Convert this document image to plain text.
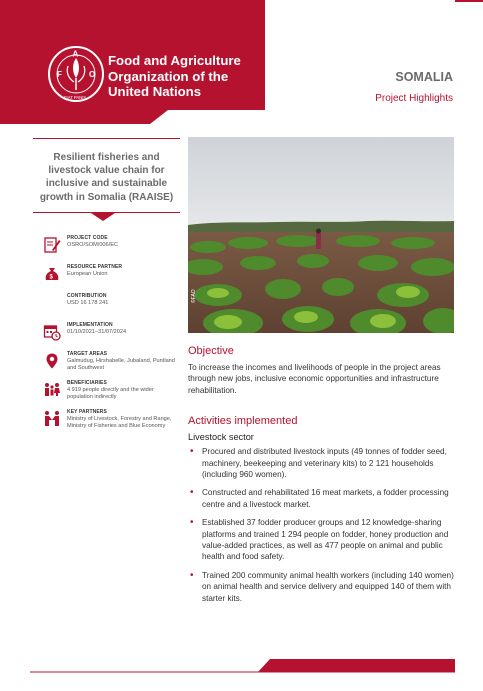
F
A
O
FIAT PANIS
Food and Agriculture
Organization of the
United Nations
SOMALIA
Project Highlights
Resilient fisheries and livestock value chain for inclusive and sustainable growth in Somalia (RAAISE)
PROJECT CODE
OSRO/SOM/006/EC
$
RESOURCE PARTNER
European Union
CONTRIBUTION
USD 16 178 241
IMPLEMENTATION
01/10/2021–31/07/2024
TARGET AREAS
Galmudug, Hirshabelle, Jubaland, Puntland and Southwest
BENEFICIARIES
4 919 people directly and the wider population indirectly
KEY PARTNERS
Ministry of Livestock, Forestry and Range, Ministry of Fisheries and Blue Economy
©FAO
Objective

To increase the incomes and livelihoods of people in the project areas through new jobs, inclusive economic opportunities and infrastructure rehabilitation.

Activities implemented
Livestock sector
• Procured and distributed livestock inputs (49 tonnes of fodder seed, machinery, beekeeping and veterinary kits) to 2 121 households (including 960 women).
• Constructed and rehabilitated 16 meat markets, a fodder processing centre and a livestock market.
• Established 37 fodder producer groups and 12 knowledge-sharing platforms and trained 1 294 people on fodder, honey production and value-added practices, as well as 477 people on animal and public health and food safety.
• Trained 200 community animal health workers (including 140 women) on animal health and service delivery and equipped 140 of them with starter kits.
